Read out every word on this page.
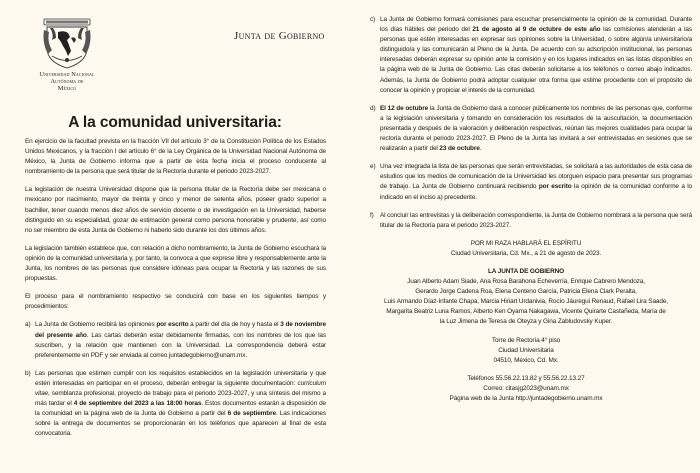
Universidad Nacional
Autónoma de
México
Junta de Gobierno
A la comunidad universitaria:

En ejercicio de la facultad prevista en la fracción VII del artículo 3° de la Constitución Política de los Estados Unidos Mexicanos, y la fracción I del artículo 6° de la Ley Orgánica de la Universidad Nacional Autónoma de México, la Junta de Gobierno informa que a partir de esta fecha inicia el proceso conducente al nombramiento de la persona que será titular de la Rectoría durante el periodo 2023-2027.

La legislación de nuestra Universidad dispone que la persona titular de la Rectoría debe ser mexicana o mexicano por nacimiento, mayor de treinta y cinco y menor de setenta años, poseer grado superior a bachiller, tener cuando menos diez años de servicio docente o de investigación en la Universidad, haberse distinguido en su especialidad, gozar de estimación general como persona honorable y prudente, así como no ser miembro de esta Junta de Gobierno ni haberlo sido durante los dos últimos años.

La legislación también establece que, con relación a dicho nombramiento, la Junta de Gobierno escuchará la opinión de la comunidad universitaria y, por tanto, la convoca a que exprese libre y responsablemente ante la Junta, los nombres de las personas que considere idóneas para ocupar la Rectoría y las razones de sus propuestas.

El proceso para el nombramiento respectivo se conducirá con base en los siguientes tiempos y procedimientos:

a) La Junta de Gobierno recibirá las opiniones por escrito a partir del día de hoy y hasta el 3 de noviembre del presente año. Las cartas deberán estar debidamente firmadas, con los nombres de los que las suscriben, y la relación que mantienen con la Universidad. La correspondencia deberá estar preferentemente en PDF y ser enviada al correo juntadegobierno@unam.mx.

b) Las personas que estimen cumplir con los requisitos establecidos en la legislación universitaria y que estén interesadas en participar en el proceso, deberán entregar la siguiente documentación: curriculum vitae, semblanza profesional, proyecto de trabajo para el periodo 2023-2027, y una síntesis del mismo a más tardar el 4 de septiembre del 2023 a las 18:00 horas. Estos documentos estarán a disposición de la comunidad en la página web de la Junta de Gobierno a partir del 6 de septiembre. Las indicaciones sobre la entrega de documentos se proporcionarán en los teléfonos que aparecen al final de esta convocatoria.

c) La Junta de Gobierno formará comisiones para escuchar presencialmente la opinión de la comunidad. Durante los días hábiles del periodo del 21 de agosto al 9 de octubre de este año las comisiones atenderán a las personas que estén interesadas en expresar sus opiniones sobre la Universidad, o sobre algún/a universitario/a distinguido/a y las comunicarán al Pleno de la Junta. De acuerdo con su adscripción institucional, las personas interesadas deberán expresar su opinión ante la comisión y en los lugares indicados en las listas disponibles en la página web de la Junta de Gobierno. Las citas deberán solicitarse a los teléfonos o correo abajo indicados. Además, la Junta de Gobierno podrá adoptar cualquier otra forma que estime procedente con el propósito de conocer la opinión y propiciar el interés de la comunidad.

d) El 12 de octubre la Junta de Gobierno dará a conocer públicamente los nombres de las personas que, conforme a la legislación universitaria y tomando en consideración los resultados de la auscultación, la documentación presentada y después de la valoración y deliberación respectivas, reúnan las mejores cualidades para ocupar la rectoría durante el periodo 2023-2027. El Pleno de la Junta las invitará a ser entrevistadas en sesiones que se realizarán a partir del 23 de octubre.

e) Una vez integrada la lista de las personas que serán entrevistadas, se solicitará a las autoridades de esta casa de estudios que los medios de comunicación de la Universidad les otorguen espacio para presentar sus programas de trabajo. La Junta de Gobierno continuará recibiendo por escrito la opinión de la comunidad conforme a lo indicado en el inciso a) precedente.

f) Al concluir las entrevistas y la deliberación correspondiente, la Junta de Gobierno nombrará a la persona que será titular de la Rectoría para el periodo 2023-2027.

POR MI RAZA HABLARÁ EL ESPÍRITU
Ciudad Universitaria, Cd. Mx., a 21 de agosto de 2023.
LA JUNTA DE GOBIERNO
Juan Alberto Adam Siade, Ana Rosa Barahona Echeverría, Enrique Cabrero Mendoza,
Gerardo Jorge Cadena Roa, Elena Centeno García, Patricia Elena Clark Peralta,
Luis Armando Díaz-Infante Chapa, Marcia Hiriart Urdanivia, Rocío Jáuregui Renaud, Rafael Lira Saade,
Margarita Beatriz Luna Ramos, Alberto Ken Oyama Nakagawa, Vicente Quirarte Castañeda, María de
la Luz Jimena de Teresa de Oteyza y Gina Zabludovsky Kuper.
Torre de Rectoría 4° piso
Ciudad Universitaria
04510, México, Cd. Mx.
Teléfonos 55.56.22.13.82 y 55.56.22.13.27
Correo: citasjg2023@unam.mx
Página web de la Junta http://juntadegobierno.unam.mx
